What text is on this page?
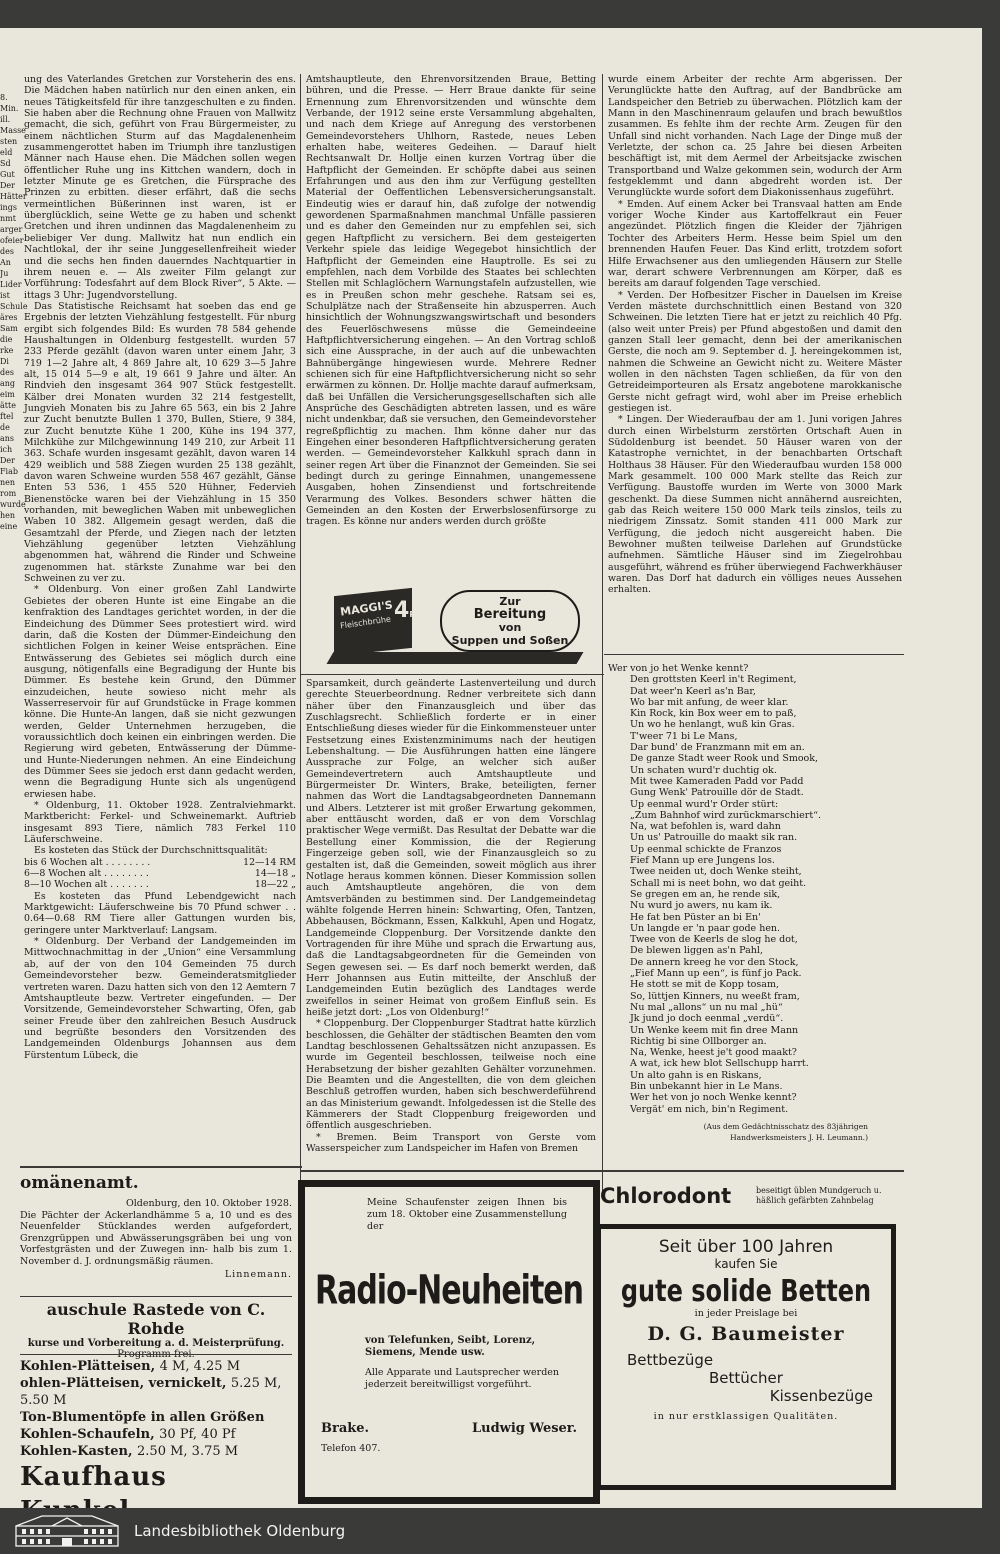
8. Min. ill. Masse sten eld Sd Gut Der Hätter ings nmt arger ofeier des An Ju Lider ist Schule äres Sam die rke Di des ang eim ätte ftel de ans ich Der Fiab nen rom wurde hen eine

ung des Vaterlandes Gretchen zur Vorsteherin des ens. Die Mädchen haben natürlich nur den einen anken, ein neues Tätigkeitsfeld für ihre tanzgeschulten e zu finden. Sie haben aber die Rechnung ohne Frauen von Mallwitz gemacht, die sich, geführt von Frau Bürgermeister, zu einem nächtlichen Sturm auf das Magdalenenheim zusammengerottet haben im Triumph ihre tanzlustigen Männer nach Hause ehen. Die Mädchen sollen wegen öffentlicher Ruhe ung ins Kittchen wandern, doch in letzter Minute ge es Gretchen, die Fürsprache des Prinzen zu erbitten. dieser erfährt, daß die sechs vermeintlichen Büßerinnen inst waren, ist er überglücklich, seine Wette ge zu haben und schenkt Gretchen und ihren undinnen das Magdalenenheim zu beliebiger Ver dung. Mallwitz hat nun endlich ein Nachtlokal, der ihr seine Junggesellenfreiheit wieder und die sechs hen finden dauerndes Nachtquartier in ihrem neuen e. — Als zweiter Film gelangt zur Vorführung: Todesfahrt auf dem Block River“, 5 Akte. — ittags 3 Uhr: Jugendvorstellung.

Das Statistische Reichsamt hat soeben das end ge Ergebnis der letzten Viehzählung festgestellt. Für nburg ergibt sich folgendes Bild: Es wurden 78 584 gehende Haushaltungen in Oldenburg festgestellt. wurden 57 233 Pferde gezählt (davon waren unter einem Jahr, 3 719 1—2 Jahre alt, 4 869 Jahre alt, 10 629 3—5 Jahre alt, 15 014 5—9 e alt, 19 661 9 Jahre und älter. An Rindvieh den insgesamt 364 907 Stück festgestellt. Kälber drei Monaten wurden 32 214 festgestellt, Jungvieh Monaten bis zu Jahre 65 563, ein bis 2 Jahre zur Zucht benutzte Bullen 1 370, Bullen, Stiere, 9 384, zur Zucht benutzte Kühe 1 200, Kühe ins 194 377, Milchkühe zur Milchgewinnung 149 210, zur Arbeit 11 363. Schafe wurden insgesamt gezählt, davon waren 14 429 weiblich und 588 Ziegen wurden 25 138 gezählt, davon waren Schweine wurden 558 467 gezählt, Gänse Enten 53 536, 1 455 520 Hühner, Federvieh Bienenstöcke waren bei der Viehzählung in 15 350 vorhanden, mit beweglichen Waben mit unbeweglichen Waben 10 382. Allgemein gesagt werden, daß die Gesamtzahl der Pferde, und Ziegen nach der letzten Viehzählung gegenüber letzten Viehzählung abgenommen hat, während die Rinder und Schweine zugenommen hat. stärkste Zunahme war bei den Schweinen zu ver zu.

* Oldenburg. Von einer großen Zahl Landwirte Gebietes der oberen Hunte ist eine Eingabe an die kenfraktion des Landtages gerichtet worden, in der die Eindeichung des Dümmer Sees protestiert wird. wird darin, daß die Kosten der Dümmer-Eindeichung den sichtlichen Folgen in keiner Weise entsprächen. Eine Entwässerung des Gebietes sei möglich durch eine ausgung, nötigenfalls eine Begradigung der Hunte bis Dümmer. Es bestehe kein Grund, den Dümmer einzudeichen, heute sowieso nicht mehr als Wasserreservoir für auf Grundstücke in Frage kommen könne. Die Hunte-An langen, daß sie nicht gezwungen werden, Gelder Unternehmen herzugeben, die voraussichtlich doch keinen ein einbringen werden. Die Regierung wird gebeten, Entwässerung der Dümme- und Hunte-Niederungen nehmen. An eine Eindeichung des Dümmer Sees sie jedoch erst dann gedacht werden, wenn die Begradigung Hunte sich als ungenügend erwiesen habe.

* Oldenburg, 11. Oktober 1928. Zentralviehmarkt. Marktbericht: Ferkel- und Schweinemarkt. Auftrieb insgesamt 893 Tiere, nämlich 783 Ferkel 110 Läuferschweine.

Es kosteten das Stück der Durchschnittsqualität:

bis 6 Wochen alt . . . . . . . .	12—14 RM
6—8 Wochen alt . . . . . . . .	14—18 „
8—10 Wochen alt . . . . . . .	18—22 „

Es kosteten das Pfund Lebendgewicht nach Marktgewicht: Läuferschweine bis 70 Pfund schwer . . 0.64—0.68 RM Tiere aller Gattungen wurden bis, geringere unter Marktverlauf: Langsam.

* Oldenburg. Der Verband der Landgemeinden im Mittwochnachmittag in der „Union“ eine Versammlung ab, auf der von den 104 Gemeinden 75 durch Gemeindevorsteher bezw. Gemeinderatsmitglieder vertreten waren. Dazu hatten sich von den 12 Aemtern 7 Amtshauptleute bezw. Vertreter eingefunden. — Der Vorsitzende, Gemeindevorsteher Schwarting, Ofen, gab seiner Freude über den zahlreichen Besuch Ausdruck und begrüßte besonders den Vorsitzenden des Landgemeinden Oldenburgs Johannsen aus dem Fürstentum Lübeck, die

Amtshauptleute, den Ehrenvorsitzenden Braue, Betting bühren, und die Presse. — Herr Braue dankte für seine Ernennung zum Ehrenvorsitzenden und wünschte dem Verbande, der 1912 seine erste Versammlung abgehalten, und nach dem Kriege auf Anregung des verstorbenen Gemeindevorstehers Uhlhorn, Rastede, neues Leben erhalten habe, weiteres Gedeihen. — Darauf hielt Rechtsanwalt Dr. Hollje einen kurzen Vortrag über die Haftpflicht der Gemeinden. Er schöpfte dabei aus seinen Erfahrungen und aus den ihm zur Verfügung gestellten Material der Oeffentlichen Lebensversicherungsanstalt. Eindeutig wies er darauf hin, daß zufolge der notwendig gewordenen Sparmaßnahmen manchmal Unfälle passieren und es daher den Gemeinden nur zu empfehlen sei, sich gegen Haftpflicht zu versichern. Bei dem gesteigerten Verkehr spiele das leidige Wegegebot hinsichtlich der Haftpflicht der Gemeinden eine Hauptrolle. Es sei zu empfehlen, nach dem Vorbilde des Staates bei schlechten Stellen mit Schlaglöchern Warnungstafeln aufzustellen, wie es in Preußen schon mehr geschehe. Ratsam sei es, Schulplätze nach der Straßenseite hin abzusperren. Auch hinsichtlich der Wohnungszwangswirtschaft und besonders des Feuerlöschwesens müsse die Gemeindeeine Haftpflichtversicherung eingehen. — An den Vortrag schloß sich eine Aussprache, in der auch auf die unbewachten Bahnübergänge hingewiesen wurde. Mehrere Redner schienen sich für eine Haftpflichtversicherung nicht so sehr erwärmen zu können. Dr. Hollje machte darauf aufmerksam, daß bei Unfällen die Versicherungsgesellschaften sich alle Ansprüche des Geschädigten abtreten lassen, und es wäre nicht undenkbar, daß sie versuchen, den Gemeindevorsteher regreßpflichtig zu machen. Ihm könne daher nur das Eingehen einer besonderen Haftpflichtversicherung geraten werden. — Gemeindevorsteher Kalkkuhl sprach dann in seiner regen Art über die Finanznot der Gemeinden. Sie sei bedingt durch zu geringe Einnahmen, unangemessene Ausgaben, hohen Zinsendienst und fortschreitende Verarmung des Volkes. Besonders schwer hätten die Gemeinden an den Kosten der Erwerbslosenfürsorge zu tragen. Es könne nur anders werden durch größte

MAGGI'S
Fleischbrühe 4Pf
Zur
Bereitung
von
Suppen und Soßen

Sparsamkeit, durch geänderte Lastenverteilung und durch gerechte Steuerbeordnung. Redner verbreitete sich dann näher über den Finanzausgleich und über das Zuschlagsrecht. Schließlich forderte er in einer Entschließung dieses wieder für die Einkommensteuer unter Festsetzung eines Existenzminimums nach der heutigen Lebenshaltung. — Die Ausführungen hatten eine längere Aussprache zur Folge, an welcher sich außer Gemeindevertretern auch Amtshauptleute und Bürgermeister Dr. Winters, Brake, beteiligten, ferner nahmen das Wort die Landtagsabgeordneten Dannemann und Albers. Letzterer ist mit großer Erwartung gekommen, aber enttäuscht worden, daß er von dem Vorschlag praktischer Wege vermißt. Das Resultat der Debatte war die Bestellung einer Kommission, die der Regierung Fingerzeige geben soll, wie der Finanzausgleich so zu gestalten ist, daß die Gemeinden, soweit möglich aus ihrer Notlage heraus kommen können. Dieser Kommission sollen auch Amtshauptleute angehören, die von dem Amtsverbänden zu bestimmen sind. Der Landgemeindetag wählte folgende Herren hinein: Schwarting, Ofen, Tantzen, Abbehausen, Böckmann, Essen, Kalkkuhl, Apen und Hogatz, Landgemeinde Cloppenburg. Der Vorsitzende dankte den Vortragenden für ihre Mühe und sprach die Erwartung aus, daß die Landtagsabgeordneten für die Gemeinden von Segen gewesen sei. — Es darf noch bemerkt werden, daß Herr Johannsen aus Eutin mitteilte, der Anschluß der Landgemeinden Eutin bezüglich des Landtages werde zweifellos in seiner Heimat von großem Einfluß sein. Es heiße jetzt dort: „Los von Oldenburg!“

* Cloppenburg. Der Cloppenburger Stadtrat hatte kürzlich beschlossen, die Gehälter der städtischen Beamten den vom Landtag beschlossenen Gehaltssätzen nicht anzupassen. Es wurde im Gegenteil beschlossen, teilweise noch eine Herabsetzung der bisher gezahlten Gehälter vorzunehmen. Die Beamten und die Angestellten, die von dem gleichen Beschluß getroffen wurden, haben sich beschwerdeführend an das Ministerium gewandt. Infolgedessen ist die Stelle des Kämmerers der Stadt Cloppenburg freigeworden und öffentlich ausgeschrieben.

* Bremen. Beim Transport von Gerste vom Wasserspeicher zum Landspeicher im Hafen von Bremen

wurde einem Arbeiter der rechte Arm abgerissen. Der Verunglückte hatte den Auftrag, auf der Bandbrücke am Landspeicher den Betrieb zu überwachen. Plötzlich kam der Mann in den Maschinenraum gelaufen und brach bewußtlos zusammen. Es fehlte ihm der rechte Arm. Zeugen für den Unfall sind nicht vorhanden. Nach Lage der Dinge muß der Verletzte, der schon ca. 25 Jahre bei diesen Arbeiten beschäftigt ist, mit dem Aermel der Arbeitsjacke zwischen Transportband und Walze gekommen sein, wodurch der Arm festgeklemmt und dann abgedreht worden ist. Der Verunglückte wurde sofort dem Diakonissenhaus zugeführt.

* Emden. Auf einem Acker bei Transvaal hatten am Ende voriger Woche Kinder aus Kartoffelkraut ein Feuer angezündet. Plötzlich fingen die Kleider der 7jährigen Tochter des Arbeiters Herm. Hesse beim Spiel um den brennenden Haufen Feuer. Das Kind erlitt, trotzdem sofort Hilfe Erwachsener aus den umliegenden Häusern zur Stelle war, derart schwere Verbrennungen am Körper, daß es bereits am darauf folgenden Tage verschied.

* Verden. Der Hofbesitzer Fischer in Dauelsen im Kreise Verden mästete durchschnittlich einen Bestand von 320 Schweinen. Die letzten Tiere hat er jetzt zu reichlich 40 Pfg. (also weit unter Preis) per Pfund abgestoßen und damit den ganzen Stall leer gemacht, denn bei der amerikanischen Gerste, die noch am 9. September d. J. hereingekommen ist, nahmen die Schweine an Gewicht nicht zu. Weitere Mäster wollen in den nächsten Tagen schließen, da für von den Getreideimporteuren als Ersatz angebotene marokkanische Gerste nicht gefragt wird, wohl aber im Preise erheblich gestiegen ist.

* Lingen. Der Wiederaufbau der am 1. Juni vorigen Jahres durch einen Wirbelsturm zerstörten Ortschaft Auen in Südoldenburg ist beendet. 50 Häuser waren von der Katastrophe vernichtet, in der benachbarten Ortschaft Holthaus 38 Häuser. Für den Wiederaufbau wurden 158 000 Mark gesammelt. 100 000 Mark stellte das Reich zur Verfügung. Baustoffe wurden im Werte von 3000 Mark geschenkt. Da diese Summen nicht annähernd ausreichten, gab das Reich weitere 150 000 Mark teils zinslos, teils zu niedrigem Zinssatz. Somit standen 411 000 Mark zur Verfügung, die jedoch nicht ausgereicht haben. Die Bewohner mußten teilweise Darlehen auf Grundstücke aufnehmen. Sämtliche Häuser sind im Ziegelrohbau ausgeführt, während es früher überwiegend Fachwerkhäuser waren. Das Dorf hat dadurch ein völliges neues Aussehen erhalten.

Wer von jo het Wenke kennt?
Den grottsten Keerl in't Regiment,
Dat weer'n Keerl as'n Bar,
Wo bar mit anfung, de weer klar.
Kin Rock, kin Box weer em to paß,
Un wo he henlangt, wuß kin Gras.
T'weer 71 bi Le Mans,
Dar bund' de Franzmann mit em an.
De ganze Stadt weer Rook und Smook,
Un schaten wurd'r duchtig ok.
Mit twee Kameraden Padd vor Padd
Gung Wenk' Patrouille dör de Stadt.
Up eenmal wurd'r Order stürt:
„Zum Bahnhof wird zurückmarschiert“.
Na, wat befohlen is, ward dahn
Un us' Patrouille do maakt sik ran.
Up eenmal schickte de Franzos
Fief Mann up ere Jungens los.
Twee neiden ut, doch Wenke steiht,
Schall mi is neet bohn, wo dat geiht.
Se gregen em an, he rende sik,
Nu wurd jo awers, nu kam ik.
He fat ben Püster an bi En'
Un langde er 'n paar gode hen.
Twee von de Keerls de slog he dot,
De blewen liggen as'n Pahl,
De annern kreeg he vor den Stock,
„Fief Mann up een“, is fünf jo Pack.
He stott se mit de Kopp tosam,
So, lüttjen Kinners, nu weeßt fram,
Nu mal „allons“ un nu mal „hü“
Jk jund jo doch eenmal „verdü“.
Un Wenke keem mit fin dree Mann
Richtig bi sine Ollborger an.
Na, Wenke, heest je't good maakt?
A wat, ick hew blot Sellschupp harrt.
Un alto gahn is en Riskans,
Bin unbekannt hier in Le Mans.
Wer het von jo noch Wenke kennt?
Vergät' em nich, bin'n Regiment.
(Aus dem Gedächtnisschatz des 83jährigen Handwerksmeisters J. H. Leumann.)
omänenamt.
Oldenburg, den 10. Oktober 1928.
Die Pächter der Ackerlandhämme 5 a, 10 und es des Neuenfelder Stücklandes werden aufgefordert, Grenzgrüppen und Abwässerungsgräben bei ung von Vorfestgrästen und der Zuwegen inn- halb bis zum 1. November d. J. ordnungsmäßig räumen.
Linnemann.
auschule Rastede von C. Rohde
kurse und Vorbereitung a. d. Meisterprüfung.
Kohlen-Plätteisen, 4 M, 4.25 M
ohlen-Plätteisen, vernickelt, 5.25 M, 5.50 M
Ton-Blumentöpfe in allen Größen
Kohlen-Schaufeln, 30 Pf, 40 Pf
Kohlen-Kasten, 2.50 M, 3.75 M
Kaufhaus
Meine Schaufenster zeigen Ihnen bis zum 18. Oktober eine Zusammenstellung der
Radio-Neuheiten
von Telefunken, Seibt, Lorenz, Siemens, Mende usw.
Alle Apparate und Lautsprecher werden jederzeit bereitwilligst vorgeführt.
Brake.	Ludwig Weser.
Telefon 407.
Chlorodont	beseitigt üblen Mundgeruch u.
häßlich gefärbten Zahnbelag
Seit über 100 Jahren
kaufen Sie
gute solide Betten
in jeder Preislage bei
D. G. Baumeister
Bettbezüge
Bettücher
Kissenbezüge
in nur erstklassigen Qualitäten.
Landesbibliothek Oldenburg
